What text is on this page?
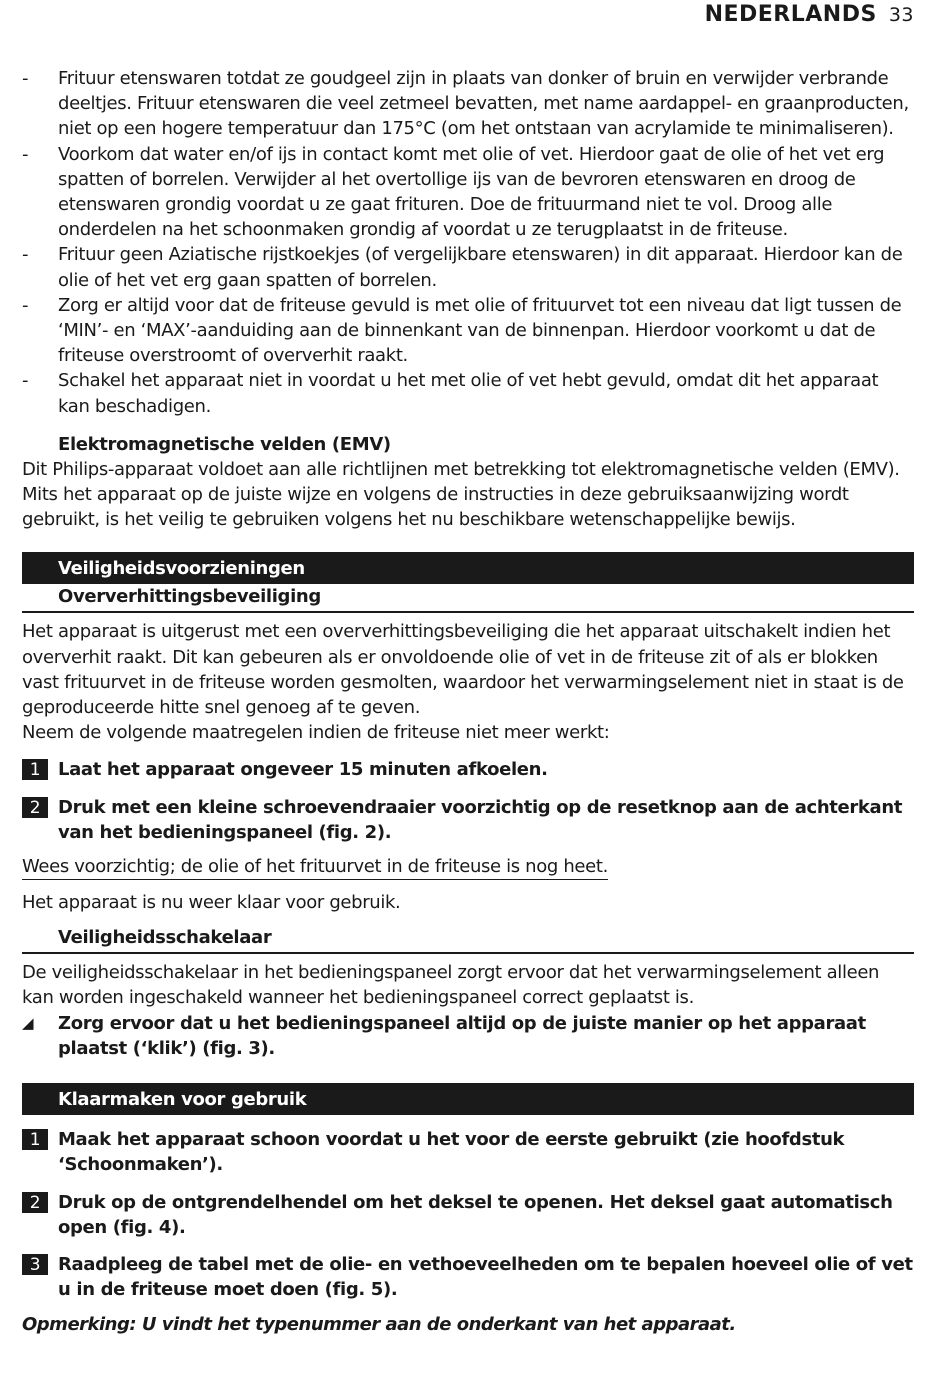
NEDERLANDS 33
- Frituur etenswaren totdat ze goudgeel zijn in plaats van donker of bruin en verwijder verbrande deeltjes. Frituur etenswaren die veel zetmeel bevatten, met name aardappel- en graanproducten, niet op een hogere temperatuur dan 175°C (om het ontstaan van acrylamide te minimaliseren).
- Voorkom dat water en/of ijs in contact komt met olie of vet. Hierdoor gaat de olie of het vet erg spatten of borrelen. Verwijder al het overtollige ijs van de bevroren etenswaren en droog de etenswaren grondig voordat u ze gaat frituren. Doe de frituurmand niet te vol. Droog alle onderdelen na het schoonmaken grondig af voordat u ze terugplaatst in de friteuse.
- Frituur geen Aziatische rijstkoekjes (of vergelijkbare etenswaren) in dit apparaat. Hierdoor kan de olie of het vet erg gaan spatten of borrelen.
- Zorg er altijd voor dat de friteuse gevuld is met olie of frituurvet tot een niveau dat ligt tussen de ‘MIN’- en ‘MAX’-aanduiding aan de binnenkant van de binnenpan. Hierdoor voorkomt u dat de friteuse overstroomt of oververhit raakt.
- Schakel het apparaat niet in voordat u het met olie of vet hebt gevuld, omdat dit het apparaat kan beschadigen.
Elektromagnetische velden (EMV)
Dit Philips-apparaat voldoet aan alle richtlijnen met betrekking tot elektromagnetische velden (EMV). Mits het apparaat op de juiste wijze en volgens de instructies in deze gebruiksaanwijzing wordt gebruikt, is het veilig te gebruiken volgens het nu beschikbare wetenschappelijke bewijs.
Veiligheidsvoorzieningen
Oververhittingsbeveiliging
Het apparaat is uitgerust met een oververhittingsbeveiliging die het apparaat uitschakelt indien het oververhit raakt. Dit kan gebeuren als er onvoldoende olie of vet in de friteuse zit of als er blokken vast frituurvet in de friteuse worden gesmolten, waardoor het verwarmingselement niet in staat is de geproduceerde hitte snel genoeg af te geven.
Neem de volgende maatregelen indien de friteuse niet meer werkt:
1 Laat het apparaat ongeveer 15 minuten afkoelen.
2 Druk met een kleine schroevendraaier voorzichtig op de resetknop aan de achterkant van het bedieningspaneel (fig. 2).
Wees voorzichtig; de olie of het frituurvet in de friteuse is nog heet.
Het apparaat is nu weer klaar voor gebruik.
Veiligheidsschakelaar
De veiligheidsschakelaar in het bedieningspaneel zorgt ervoor dat het verwarmingselement alleen kan worden ingeschakeld wanneer het bedieningspaneel correct geplaatst is.
◢ Zorg ervoor dat u het bedieningspaneel altijd op de juiste manier op het apparaat plaatst (‘klik’) (fig. 3).
Klaarmaken voor gebruik
1 Maak het apparaat schoon voordat u het voor de eerste gebruikt (zie hoofdstuk ‘Schoonmaken’).
2 Druk op de ontgrendelhendel om het deksel te openen. Het deksel gaat automatisch open (fig. 4).
3 Raadpleeg de tabel met de olie- en vethoeveelheden om te bepalen hoeveel olie of vet u in de friteuse moet doen (fig. 5).
Opmerking: U vindt het typenummer aan de onderkant van het apparaat.
